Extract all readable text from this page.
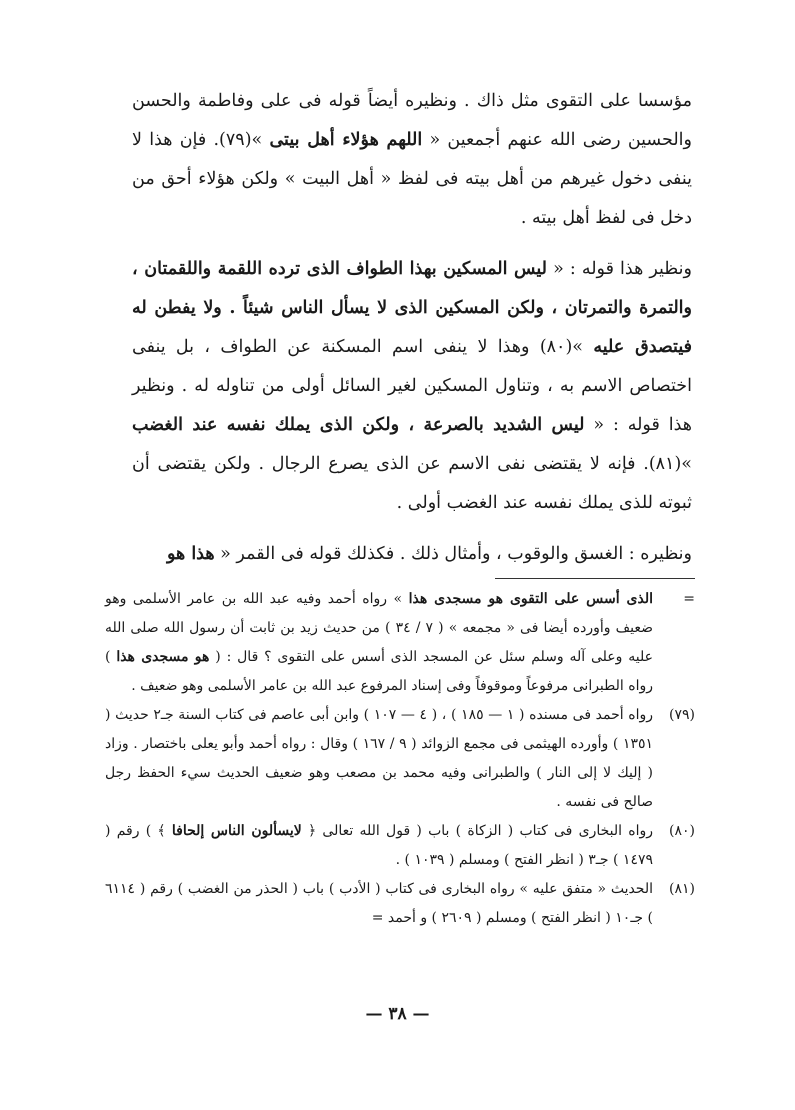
مؤسسا على التقوى مثل ذاك . ونظيره أيضاً قوله فى على وفاطمة والحسن والحسين رضى الله عنهم أجمعين « اللهم هؤلاء أهل بيتى »(٧٩). فإن هذا لا ينفى دخول غيرهم من أهل بيته فى لفظ « أهل البيت » ولكن هؤلاء أحق من دخل فى لفظ أهل بيته .

ونظير هذا قوله : « ليس المسكين بهذا الطواف الذى ترده اللقمة واللقمتان ، والتمرة والتمرتان ، ولكن المسكين الذى لا يسأل الناس شيئاً . ولا يفطن له فيتصدق عليه »(٨٠) وهذا لا ينفى اسم المسكنة عن الطواف ، بل ينفى اختصاص الاسم به ، وتناول المسكين لغير السائل أولى من تناوله له . ونظير هذا قوله : « ليس الشديد بالصرعة ، ولكن الذى يملك نفسه عند الغضب »(٨١). فإنه لا يقتضى نفى الاسم عن الذى يصرع الرجال . ولكن يقتضى أن ثبوته للذى يملك نفسه عند الغضب أولى .

ونظيره : الغسق والوقوب ، وأمثال ذلك . فكذلك قوله فى القمر « هذا هو

=
الذى أسس على التقوى هو مسجدى هذا » رواه أحمد وفيه عبد الله بن عامر الأسلمى وهو ضعيف وأورده أيضا فى « مجمعه » ( ٧ / ٣٤ ) من حديث زيد بن ثابت أن رسول الله صلى الله عليه وعلى آله وسلم سئل عن المسجد الذى أسس على التقوى ؟ قال : ( هو مسجدى هذا ) رواه الطبرانى مرفوعاً وموقوفاً وفى إسناد المرفوع عبد الله بن عامر الأسلمى وهو ضعيف .
(٧٩)
رواه أحمد فى مسنده ( ١ — ١٨٥ ) ، ( ٤ — ١٠٧ ) وابن أبى عاصم فى كتاب السنة جـ٢ حديث ( ١٣٥١ ) وأورده الهيثمى فى مجمع الزوائد ( ٩ / ١٦٧ ) وقال : رواه أحمد وأبو يعلى باختصار . وزاد ( إليك لا إلى النار ) والطبرانى وفيه محمد بن مصعب وهو ضعيف الحديث سيء الحفظ رجل صالح فى نفسه .
(٨٠)
رواه البخارى فى كتاب ( الزكاة ) باب ( قول الله تعالى ﴿ لايسألون الناس إلحافا ﴾ ) رقم ( ١٤٧٩ ) جـ٣ ( انظر الفتح ) ومسلم ( ١٠٣٩ ) .
(٨١)
الحديث « متفق عليه » رواه البخارى فى كتاب ( الأدب ) باب ( الحذر من الغضب ) رقم ( ٦١١٤ ) جـ١٠ ( انظر الفتح ) ومسلم ( ٢٦٠٩ ) و أحمد =
— ٣٨ —
